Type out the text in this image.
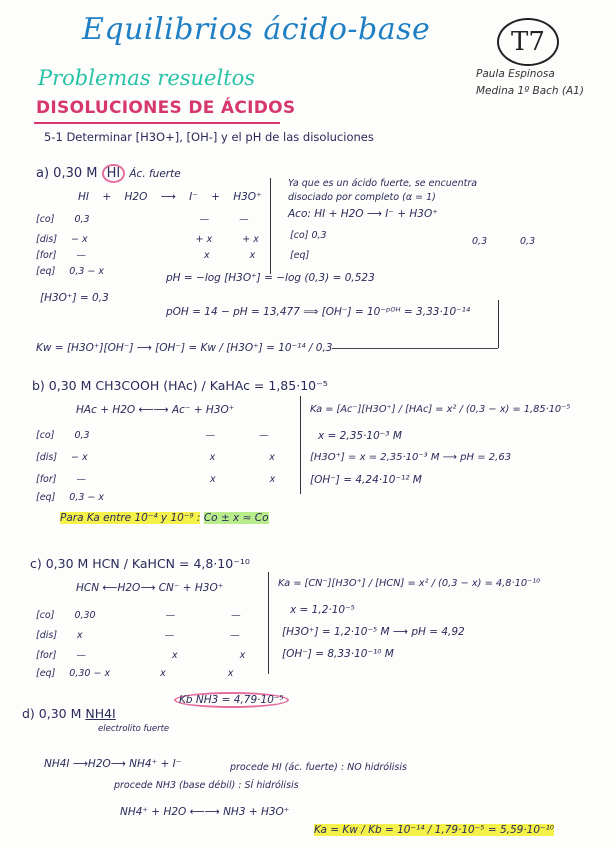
Equilibrios ácido-base	T7
Problemas resueltos	Paula Espinosa
Medina 1º Bach (A1)
DISOLUCIONES DE ÁCIDOS
5-1 Determinar [H3O+], [OH-] y el pH de las disoluciones
a) 0,30 M HI Ác. fuerte
HI + H2O ⟶ I⁻ + H3O⁺
[co] 0,3	—	—
[dis] − x	+ x	+ x
[for] —	x	x
[eq] 0,3 − x
Ya que es un ácido fuerte, se encuentra
disociado por completo (α = 1)
Aco: HI + H2O ⟶ I⁻ + H3O⁺
[co] 0,3
[eq]
0,3	0,3
[H3O⁺] = 0,3
pH = −log [H3O⁺] = −log (0,3) = 0,523
pOH = 14 − pH = 13,477 ⟹ [OH⁻] = 10⁻ᵖᴼᴴ = 3,33·10⁻¹⁴
Kw = [H3O⁺][OH⁻] ⟶ [OH⁻] = Kw / [H3O⁺] = 10⁻¹⁴ / 0,3
b) 0,30 M CH3COOH (HAc) / KaHAc = 1,85·10⁻⁵
HAc + H2O ⟵⟶ Ac⁻ + H3O⁺
[co] 0,3	—	—
[dis] − x	x	x
[for] —	x	x
[eq] 0,3 − x
Ka = [Ac⁻][H3O⁺] / [HAc] = x² / (0,3 − x) = 1,85·10⁻⁵
x = 2,35·10⁻³ M
[H3O⁺] = x = 2,35·10⁻³ M ⟶ pH = 2,63
[OH⁻] = 4,24·10⁻¹² M
Para Ka entre 10⁻⁴ y 10⁻⁹ : Co ± x ≈ Co
c) 0,30 M HCN / KaHCN = 4,8·10⁻¹⁰
HCN ⟵H2O⟶ CN⁻ + H3O⁺
[co] 0,30	—	—
[dis] x	—	—
[for] —	x	x
[eq] 0,30 − x	x	x
Ka = [CN⁻][H3O⁺] / [HCN] = x² / (0,3 − x) = 4,8·10⁻¹⁰
x = 1,2·10⁻⁵
[H3O⁺] = 1,2·10⁻⁵ M ⟶ pH = 4,92
[OH⁻] = 8,33·10⁻¹⁰ M
d) 0,30 M NH4I
electrolito fuerte
Kb NH3 = 4,79·10⁻⁵
NH4I ⟶H2O⟶ NH4⁺ + I⁻	procede HI (ác. fuerte) : NO hidrólisis
procede NH3 (base débil) : SÍ hidrólisis
NH4⁺ + H2O ⟵⟶ NH3 + H3O⁺
Ka = Kw / Kb = 10⁻¹⁴ / 1,79·10⁻⁵ = 5,59·10⁻¹⁰
